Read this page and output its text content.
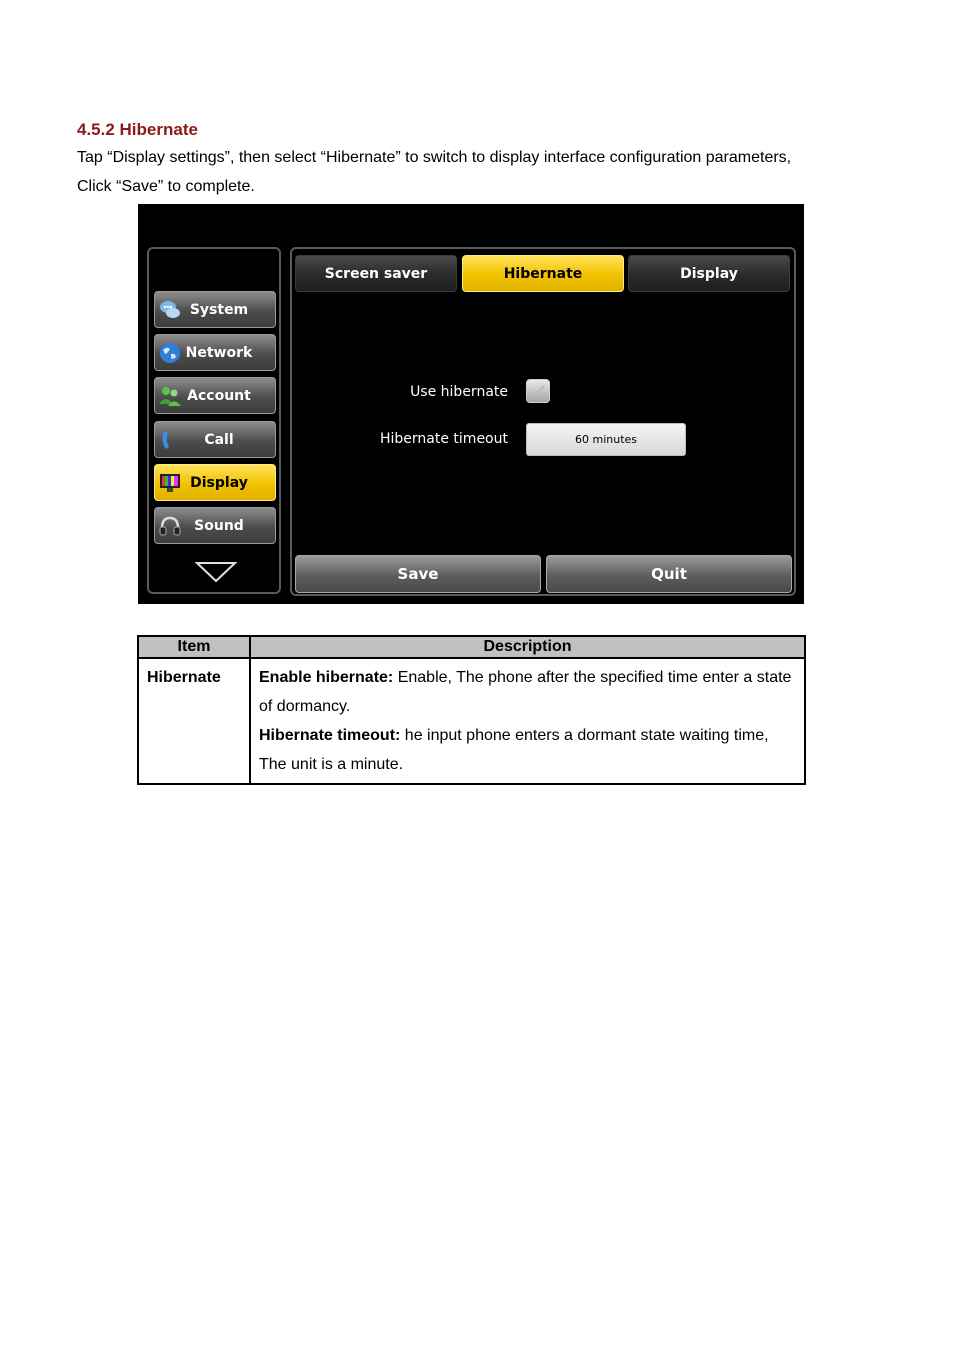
4.5.2 Hibernate
Tap “Display settings”, then select “Hibernate” to switch to display interface configuration parameters,
Click “Save” to complete.
System
Network
Account
Call
Display
Sound
Screen saver	Hibernate	Display
Use hibernate
Hibernate timeout	60 minutes
Save	Quit
Item	Description
Hibernate	Enable hibernate: Enable, The phone after the specified time enter a state of dormancy.
Hibernate timeout: he input phone enters a dormant state waiting time, The unit is a minute.
